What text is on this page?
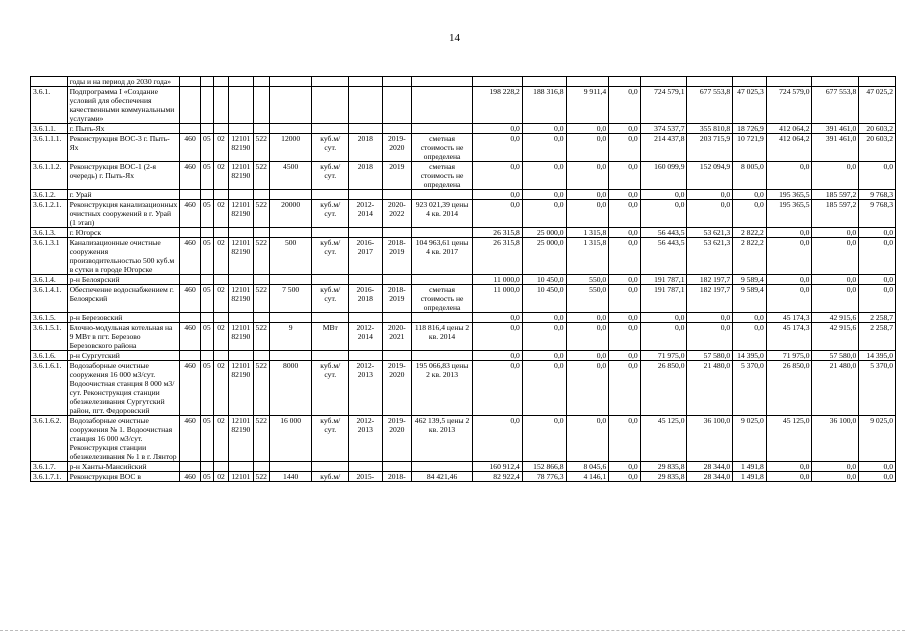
14
	годы и на период до 2030 года»																				
3.6.1.	Подпрограмма I «Создание условий для обеспечения качественными коммунальными услугами»											198 228,2	188 316,8	9 911,4	0,0	724 579,1	677 553,8	47 025,3	724 579,0	677 553,8	47 025,2
3.6.1.1.	г. Пыть-Ях											0,0	0,0	0,0	0,0	374 537,7	355 810,8	18 726,9	412 064,2	391 461,0	20 603,2
3.6.1.1.1.	Реконструкция ВОС-3 г. Пыть-Ях	460	05	02	12101 82190	522	12000	куб.м/ сут.	2018	2019-2020	сметная стоимость не определена	0,0	0,0	0,0	0,0	214 437,8	203 715,9	10 721,9	412 064,2	391 461,0	20 603,2
3.6.1.1.2.	Реконструкция ВОС-1 (2-я очередь) г. Пыть-Ях	460	05	02	12101 82190	522	4500	куб.м/ сут.	2018	2019	сметная стоимость не определена	0,0	0,0	0,0	0,0	160 099,9	152 094,9	8 005,0	0,0	0,0	0,0
3.6.1.2.	г. Урай											0,0	0,0	0,0	0,0	0,0	0,0	0,0	195 365,5	185 597,2	9 768,3
3.6.1.2.1.	Реконструкция канализационных очистных сооружений в г. Урай (1 этап)	460	05	02	12101 82190	522	20000	куб.м/ сут.	2012-2014	2020-2022	923 021,39 цены 4 кв. 2014	0,0	0,0	0,0	0,0	0,0	0,0	0,0	195 365,5	185 597,2	9 768,3
3.6.1.3.	г. Югорск											26 315,8	25 000,0	1 315,8	0,0	56 443,5	53 621,3	2 822,2	0,0	0,0	0,0
3.6.1.3.1	Канализационные очистные сооружения производительностью 500 куб.м в сутки в городе Югорске	460	05	02	12101 82190	522	500	куб.м/ сут.	2016-2017	2018-2019	104 963,61 цены 4 кв. 2017	26 315,8	25 000,0	1 315,8	0,0	56 443,5	53 621,3	2 822,2	0,0	0,0	0,0
3.6.1.4.	р-н Белоярский											11 000,0	10 450,0	550,0	0,0	191 787,1	182 197,7	9 589,4	0,0	0,0	0,0
3.6.1.4.1.	Обеспечение водоснабжением г. Белоярский	460	05	02	12101 82190	522	7 500	куб.м/ сут.	2016-2018	2018-2019	сметная стоимость не определена	11 000,0	10 450,0	550,0	0,0	191 787,1	182 197,7	9 589,4	0,0	0,0	0,0
3.6.1.5.	р-н Березовский											0,0	0,0	0,0	0,0	0,0	0,0	0,0	45 174,3	42 915,6	2 258,7
3.6.1.5.1.	Блочно-модульная котельная на 9 МВт в пгт. Березово Березовского района	460	05	02	12101 82190	522	9	МВт	2012-2014	2020-2021	118 816,4 цены 2 кв. 2014	0,0	0,0	0,0	0,0	0,0	0,0	0,0	45 174,3	42 915,6	2 258,7
3.6.1.6.	р-н Сургутский											0,0	0,0	0,0	0,0	71 975,0	57 580,0	14 395,0	71 975,0	57 580,0	14 395,0
3.6.1.6.1.	Водозаборные очистные сооружения 16 000 м3/сут. Водоочистная станция 8 000 м3/сут. Реконструкция станции обезжелезивания Сургутский район, пгт. Федоровский	460	05	02	12101 82190	522	8000	куб.м/ сут.	2012-2013	2019-2020	195 066,83 цены 2 кв. 2013	0,0	0,0	0,0	0,0	26 850,0	21 480,0	5 370,0	26 850,0	21 480,0	5 370,0
3.6.1.6.2.	Водозаборные очистные сооружения № 1. Водоочистная станция 16 000 м3/сут. Реконструкция станции обезжелезивания № 1 в г. Лянтор	460	05	02	12101 82190	522	16 000	куб.м/ сут.	2012-2013	2019-2020	462 139,5 цены 2 кв. 2013	0,0	0,0	0,0	0,0	45 125,0	36 100,0	9 025,0	45 125,0	36 100,0	9 025,0
3.6.1.7.	р-н Ханты-Мансийский											160 912,4	152 866,8	8 045,6	0,0	29 835,8	28 344,0	1 491,8	0,0	0,0	0,0
3.6.1.7.1.	Реконструкция ВОС в	460	05	02	12101	522	1440	куб.м/	2015-	2018-	84 421,46	82 922,4	78 776,3	4 146,1	0,0	29 835,8	28 344,0	1 491,8	0,0	0,0	0,0
